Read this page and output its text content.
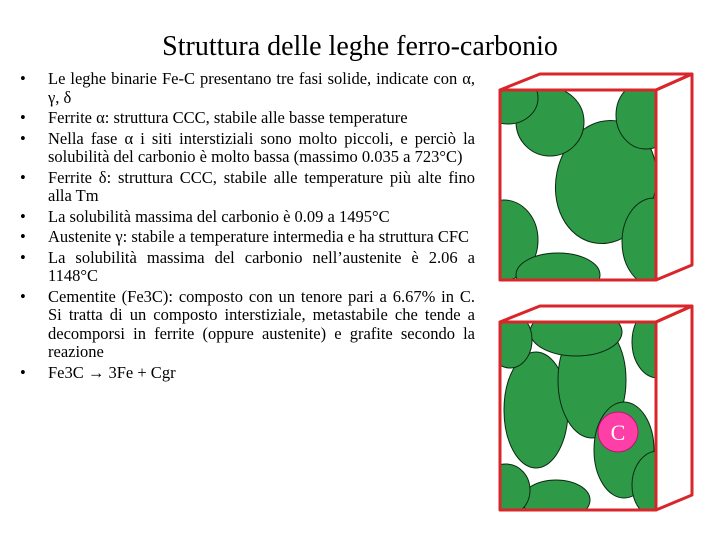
Struttura delle leghe ferro-carbonio
• Le leghe binarie Fe-C presentano tre fasi solide, indicate con α, γ, δ
• Ferrite α: struttura CCC, stabile alle basse temperature
• Nella fase α i siti interstiziali sono molto piccoli, e perciò la solubilità del carbonio è molto bassa (massimo 0.035 a 723°C)
• Ferrite δ: struttura CCC, stabile alle temperature più alte fino alla Tm
• La solubilità massima del carbonio è 0.09 a 1495°C
• Austenite γ: stabile a temperature intermedia e ha struttura CFC
• La solubilità massima del carbonio nell’austenite è 2.06 a 1148°C
• Cementite (Fe3C): composto con un tenore pari a 6.67% in C. Si tratta di un composto interstiziale, metastabile che tende a decomporsi in ferrite (oppure austenite) e grafite secondo la reazione
• Fe3C → 3Fe + Cgr
C
